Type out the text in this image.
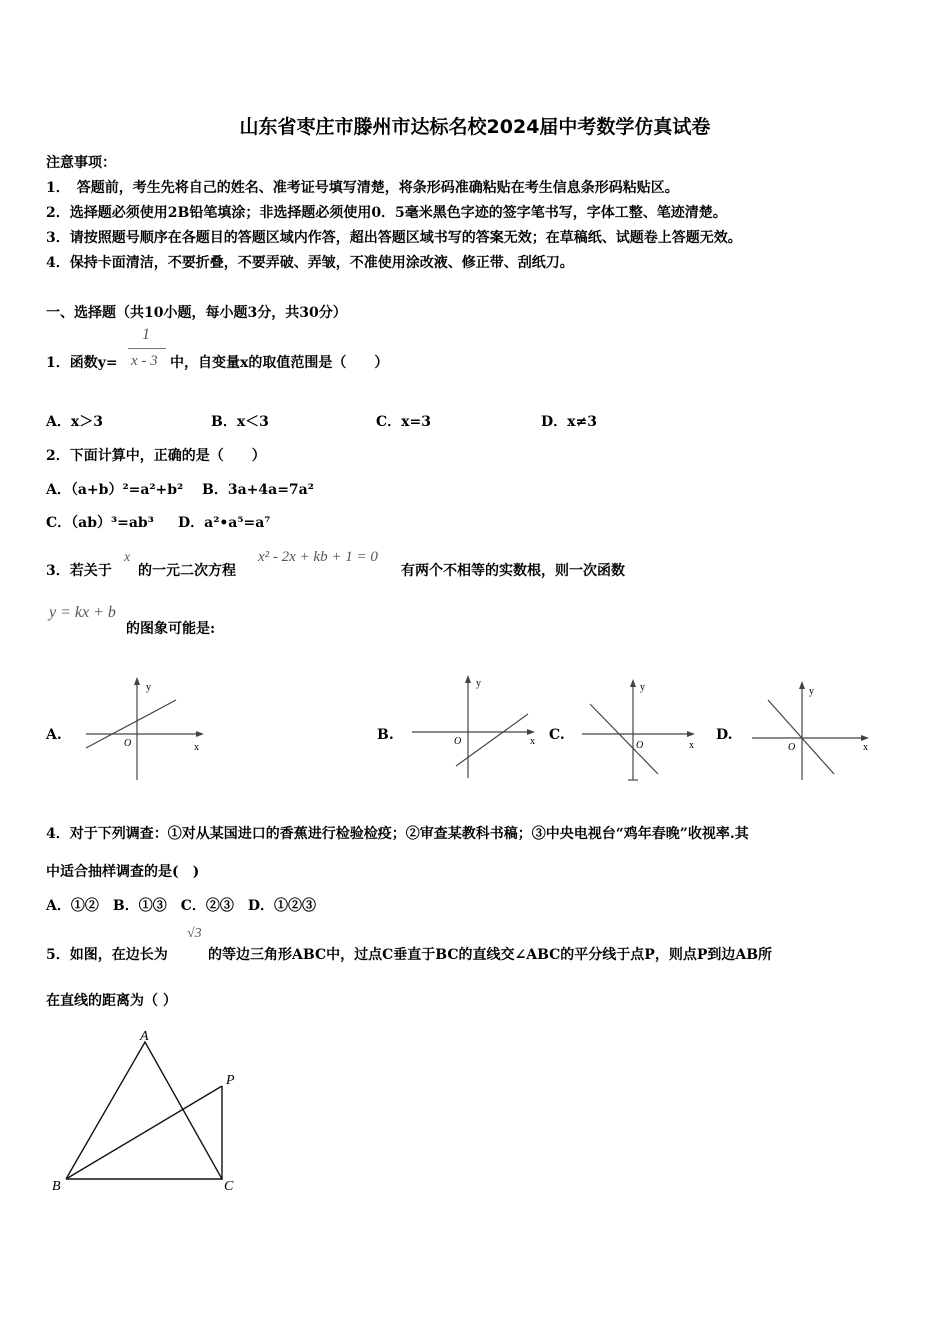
山东省枣庄市滕州市达标名校2024届中考数学仿真试卷
注意事项：
1．　答题前，考生先将自己的姓名、准考证号填写清楚，将条形码准确粘贴在考生信息条形码粘贴区。
2．选择题必须使用2B铅笔填涂；非选择题必须使用0．5毫米黑色字迹的签字笔书写，字体工整、笔迹清楚。
3．请按照题号顺序在各题目的答题区域内作答，超出答题区域书写的答案无效；在草稿纸、试题卷上答题无效。
4．保持卡面清洁，不要折叠，不要弄破、弄皱，不准使用涂改液、修正带、刮纸刀。
一、选择题（共10小题，每小题3分，共30分）
1．函数y=
1
x - 3 中，自变量x的取值范围是（　　）
A．x＞3	B．x＜3	C．x=3	D．x≠3
2．下面计算中，正确的是（　　）
A．（a+b）²=a²+b² B．3a+4a=7a²
C．（ab）³=ab³ D．a²•a⁵=a⁷
3．若关于
x
的一元二次方程
x² - 2x + kb + 1 = 0
有两个不相等的实数根，则一次函数
y = kx + b
的图象可能是:
A.	B.	C.	D.
y
x
O
y
x
O
y
x
O
y
x
O
4．对于下列调查：①对从某国进口的香蕉进行检验检疫；②审查某教科书稿；③中央电视台“鸡年春晚”收视率.其
中适合抽样调查的是(　)
A．①②　B．①③　C．②③　D．①②③
5．如图，在边长为
√3
的等边三角形ABC中，过点C垂直于BC的直线交∠ABC的平分线于点P，则点P到边AB所
在直线的距离为（ ）
A
B	C
P
